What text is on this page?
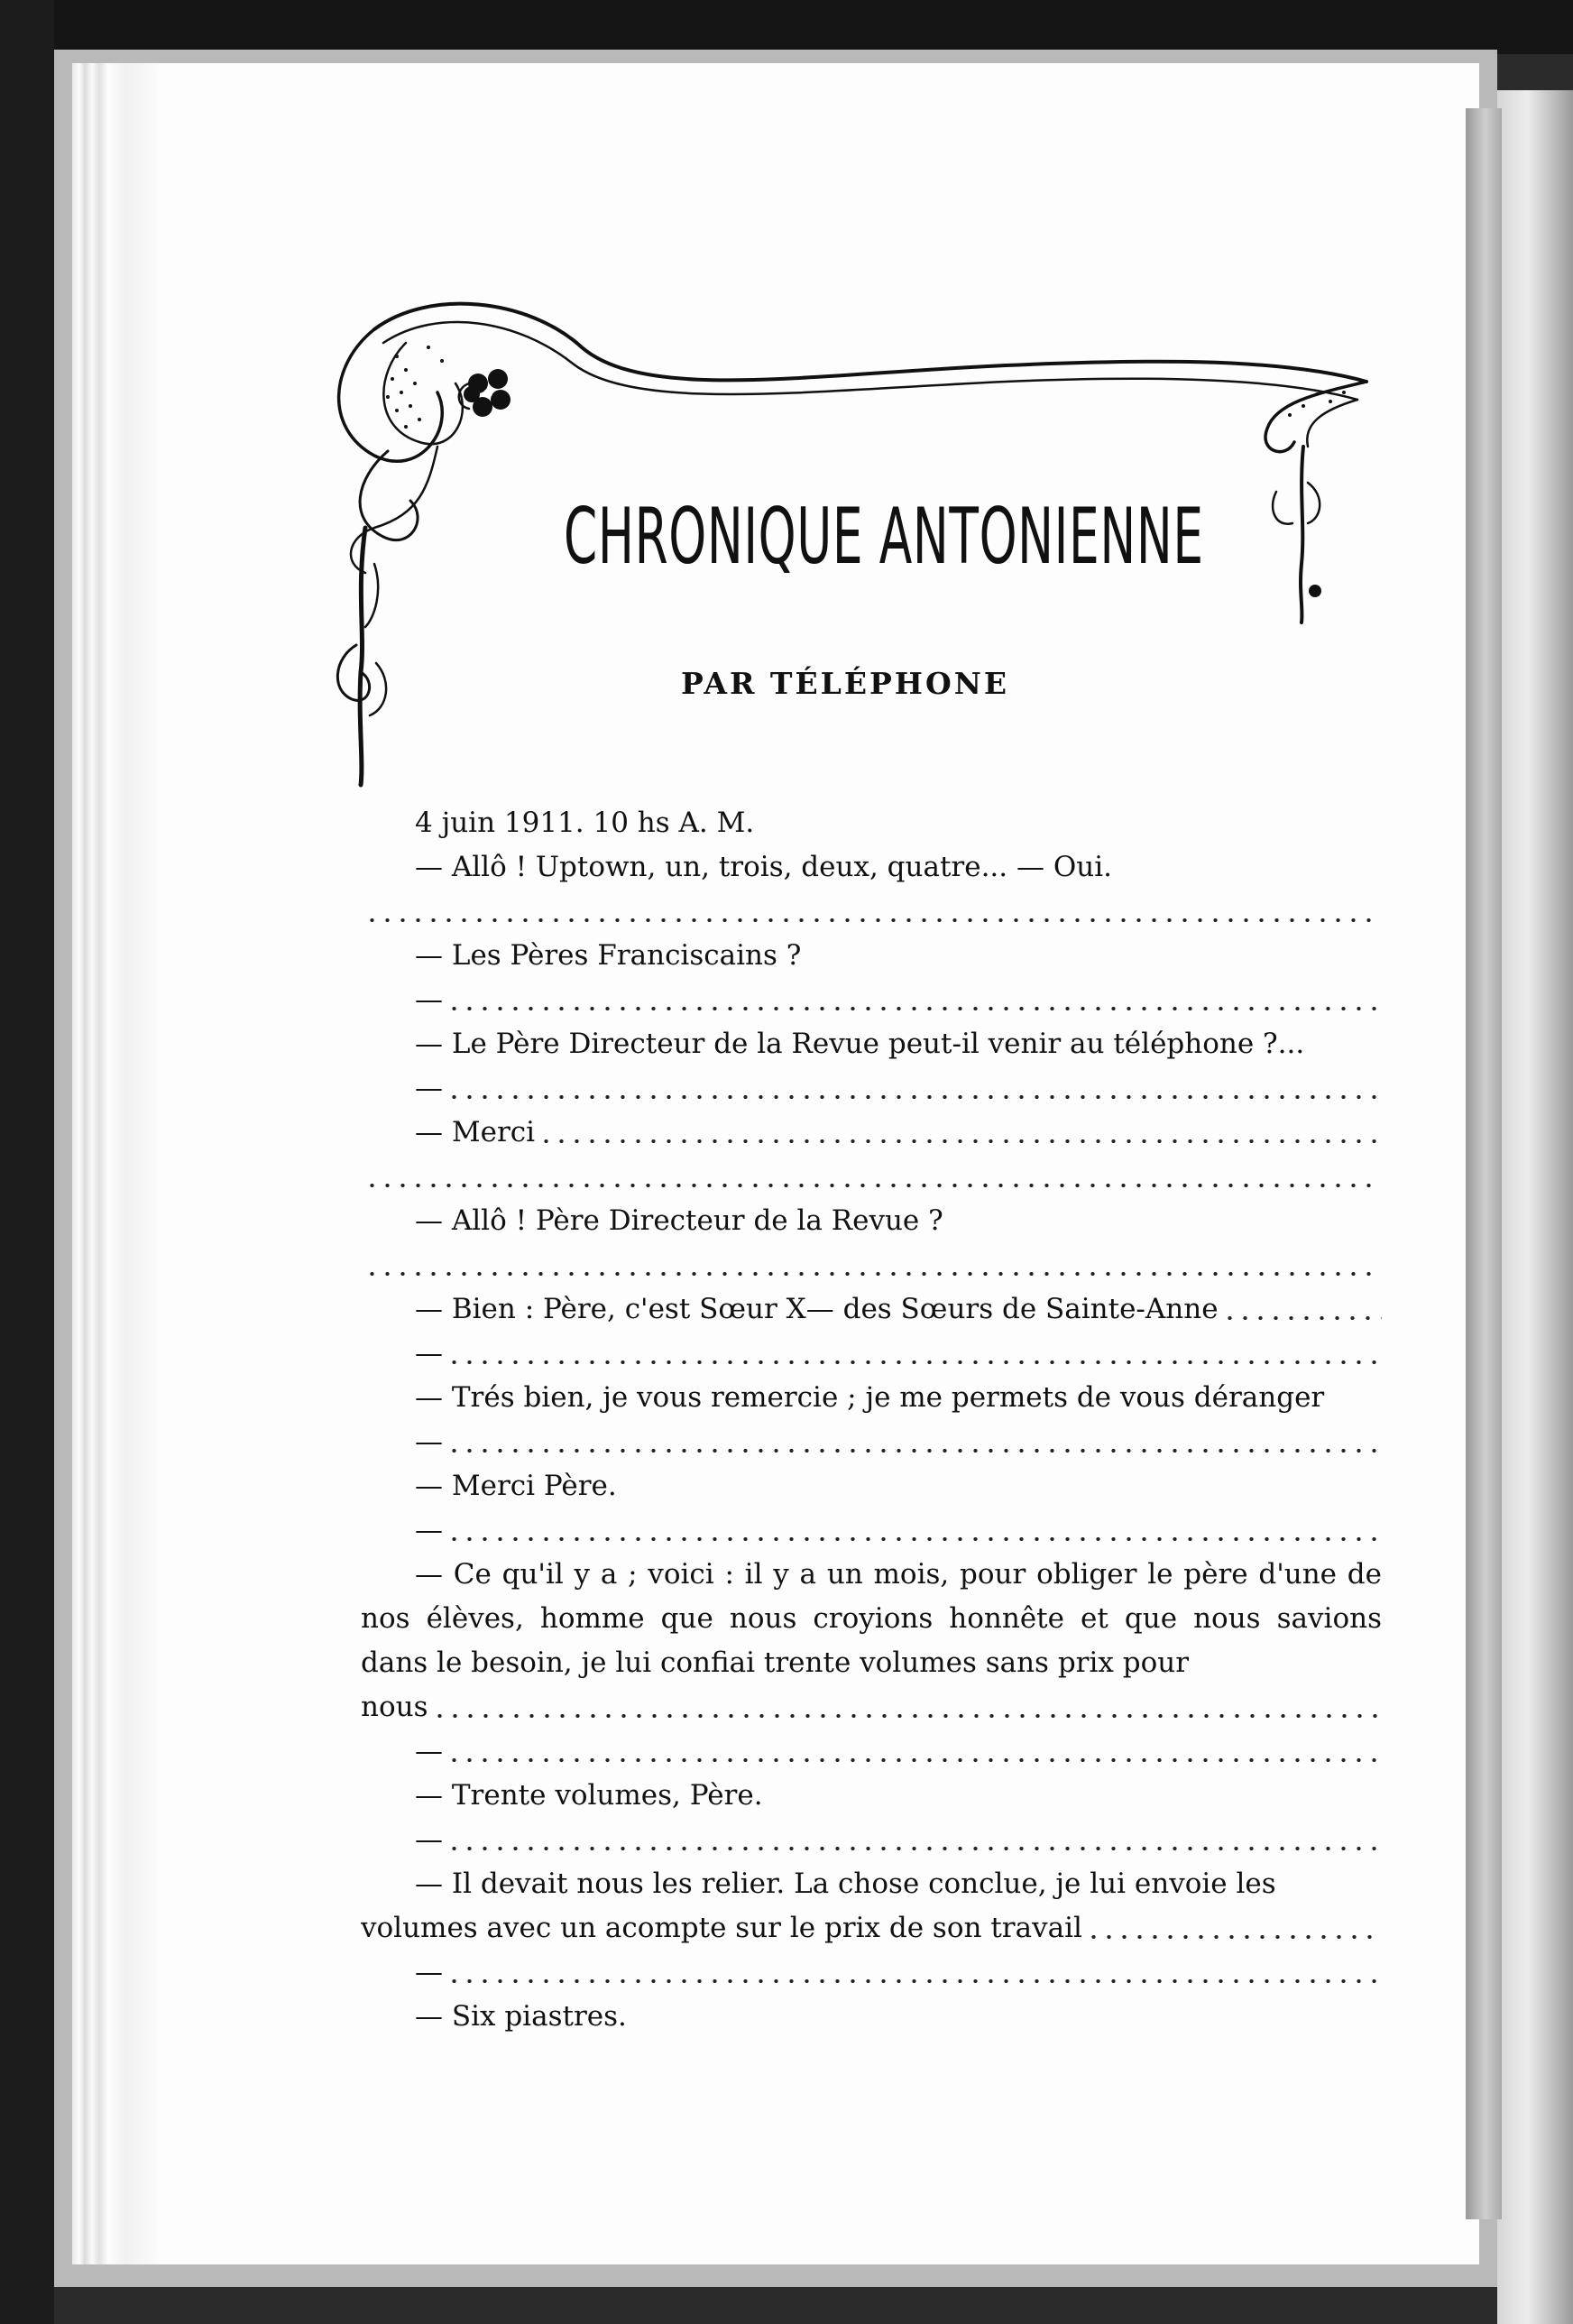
CHRONIQUE ANTONIENNE
PAR TÉLÉPHONE
4 juin 1911. 10 hs A. M.
— Allô ! Uptown, un, trois, deux, quatre... — Oui.
— Les Pères Franciscains ?
—
— Le Père Directeur de la Revue peut-il venir au téléphone ?...
—
— Merci
— Allô ! Père Directeur de la Revue ?
— Bien : Père, c'est Sœur X— des Sœurs de Sainte-Anne
—
— Trés bien, je vous remercie ; je me permets de vous déranger
—
— Merci Père.
—

— Ce qu'il y a ; voici : il y a un mois, pour obliger le père d'une de nos élèves, homme que nous croyions honnête et que nous savions dans le besoin, je lui confiai trente volumes sans prix pour

nous
—
— Trente volumes, Père.
—
— Il devait nous les relier. La chose conclue, je lui envoie les
volumes avec un acompte sur le prix de son travail
—
— Six piastres.
